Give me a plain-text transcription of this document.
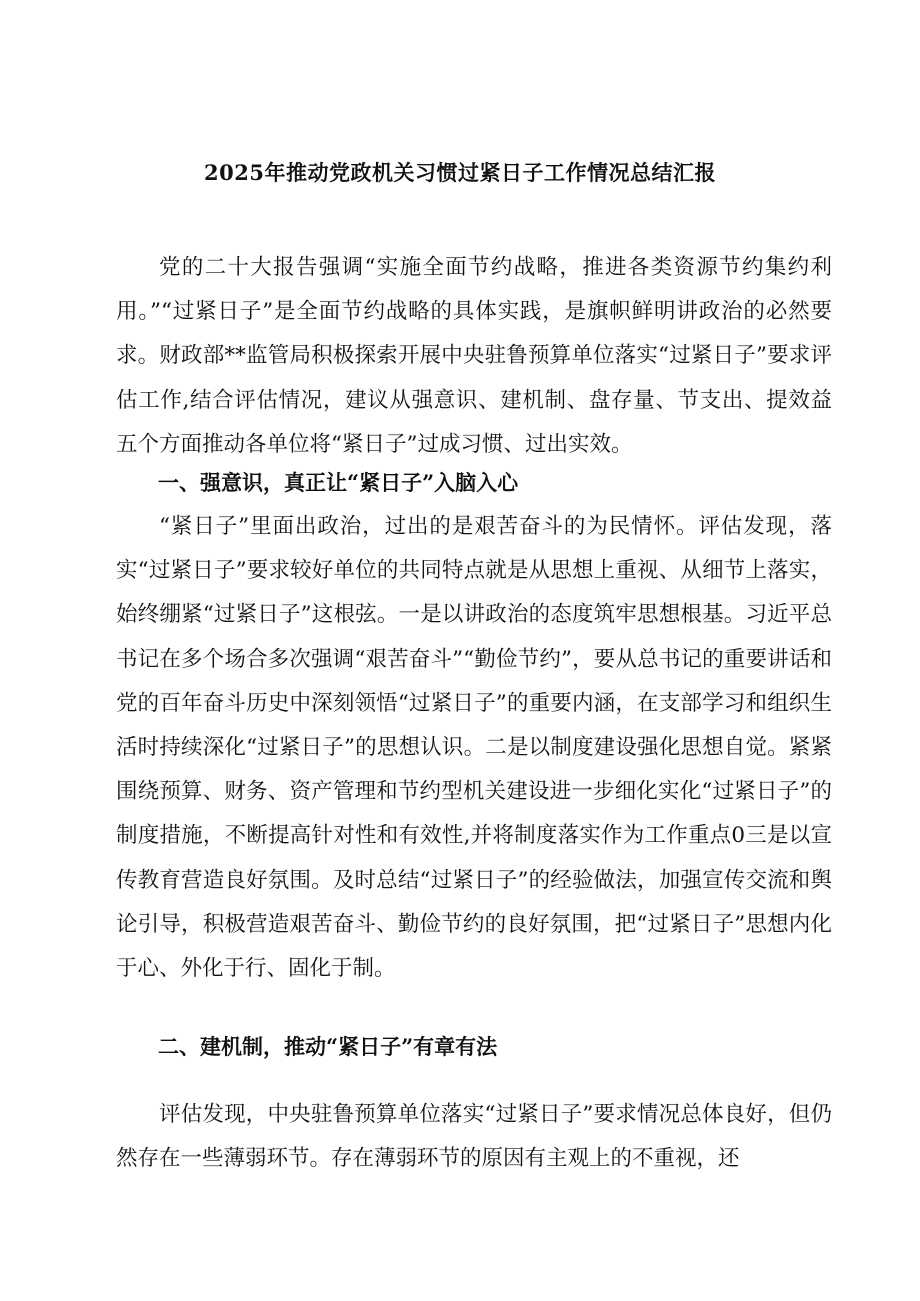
2025年推动党政机关习惯过紧日子工作情况总结汇报

党的二十大报告强调“实施全面节约战略，推进各类资源节约集约利用。”“过紧日子”是全面节约战略的具体实践，是旗帜鲜明讲政治的必然要求。财政部**监管局积极探索开展中央驻鲁预算单位落实“过紧日子”要求评估工作,结合评估情况，建议从强意识、建机制、盘存量、节支出、提效益五个方面推动各单位将“紧日子”过成习惯、过出实效。

一、强意识，真正让“紧日子”入脑入心

“紧日子”里面出政治，过出的是艰苦奋斗的为民情怀。评估发现，落实“过紧日子”要求较好单位的共同特点就是从思想上重视、从细节上落实，始终绷紧“过紧日子”这根弦。一是以讲政治的态度筑牢思想根基。习近平总书记在多个场合多次强调“艰苦奋斗”“勤俭节约”，要从总书记的重要讲话和党的百年奋斗历史中深刻领悟“过紧日子”的重要内涵，在支部学习和组织生活时持续深化“过紧日子”的思想认识。二是以制度建设强化思想自觉。紧紧围绕预算、财务、资产管理和节约型机关建设进一步细化实化“过紧日子”的制度措施，不断提高针对性和有效性,并将制度落实作为工作重点0三是以宣传教育营造良好氛围。及时总结“过紧日子”的经验做法，加强宣传交流和舆论引导，积极营造艰苦奋斗、勤俭节约的良好氛围，把“过紧日子”思想内化于心、外化于行、固化于制。

二、建机制，推动“紧日子”有章有法

评估发现，中央驻鲁预算单位落实“过紧日子”要求情况总体良好，但仍然存在一些薄弱环节。存在薄弱环节的原因有主观上的不重视，还
